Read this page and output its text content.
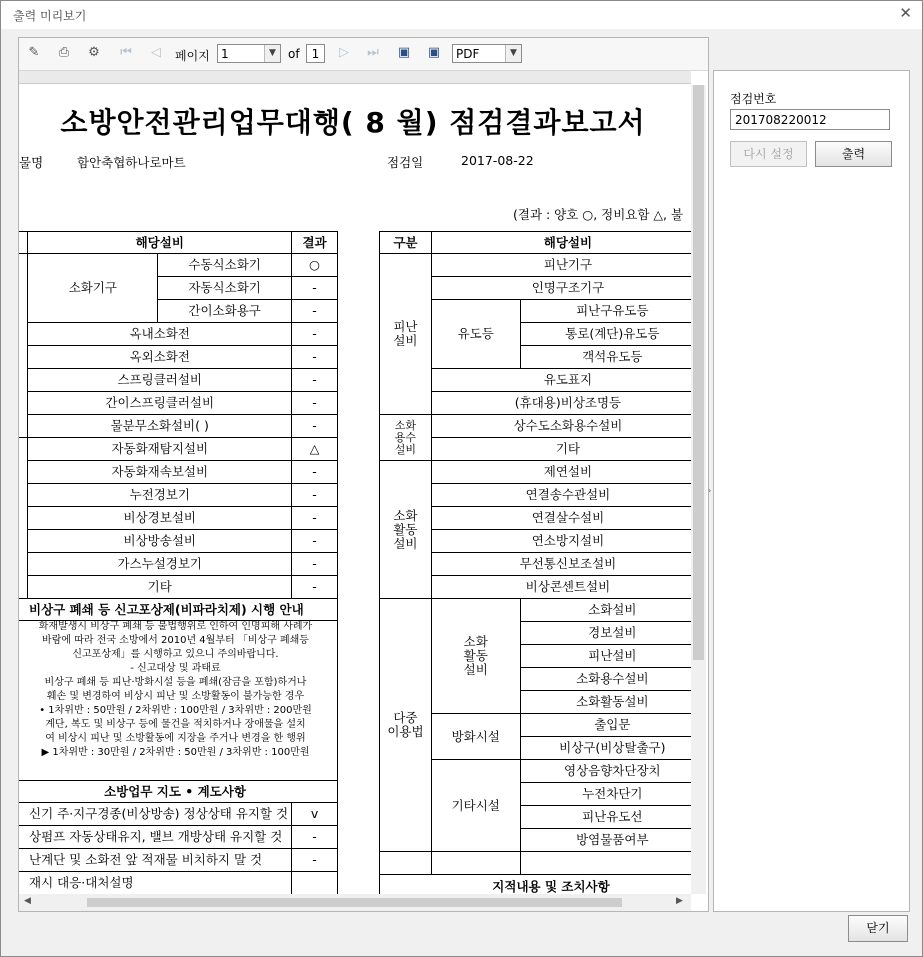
출력 미리보기	✕
✎ ⎙ ⚙ ⏮	◁	페이지 1	▼	of	1	▷	⏭ ▣ ▣	PDF	▼
소방안전관리업무대행( 8 월) 점검결과보고서
물명	함안축협하나로마트	점검일	2017-08-22
(결과 : 양호 ○, 정비요함 △, 불
	해당설비		결과
	소화기구	수동식소화기	○
		자동식소화기	-
		간이소화용구	-
	옥내소화전		-
	옥외소화전		-
	스프링클러설비		-
	간이스프링클러설비		-
	물분무소화설비( )		-
	자동화재탐지설비		△
	자동화재속보설비		-
	누전경보기		-
	비상경보설비		-
	비상방송설비		-
	가스누설경보기		-
	기타		-
비상구 폐쇄 등 신고포상제(비파라치제) 시행 안내			

소방업무 지도 • 계도사항			
신기 주·지구경종(비상방송) 정상상태 유지할 것			v
상펌프 자동상태유지, 밸브 개방상태 유지할 것			-
난계단 및 소화전 앞 적재물 비치하지 말 것			-
재시 대응·대처설명			
화재발생시 비상구 폐쇄 등 불법행위로 인하여 인명피해 사례가
바람에 따라 전국 소방에서 2010년 4월부터 「비상구 폐쇄등
신고포상제」를 시행하고 있으니 주의바랍니다.
- 신고대상 및 과태료
비상구 폐쇄 등 피난·방화시설 등을 폐쇄(잠금을 포함)하거나
훼손 및 변경하여 비상시 피난 및 소방활동이 불가능한 경우
• 1차위반 : 50만원 / 2차위반 : 100만원 / 3차위반 : 200만원
계단, 복도 및 비상구 등에 물건을 적치하거나 장애물을 설치
여 비상시 피난 및 소방활동에 지장을 주거나 변경을 한 행위
▶ 1차위반 : 30만원 / 2차위반 : 50만원 / 3차위반 : 100만원
구분	해당설비		
피난
설비	피난기구		
	인명구조기구		
	유도등	피난구유도등	
		통로(계단)유도등	
		객석유도등	
	유도표지		
	(휴대용)비상조명등		
소화
용수
설비	상수도소화용수설비		
	기타		
소화
활동
설비	제연설비		
	연결송수관설비		
	연결살수설비		
	연소방지설비		
	무선통신보조설비		
	비상콘센트설비		
다중
이용법	소화
활동
설비	소화설비	
		경보설비	
		피난설비	
		소화용수설비	
		소화활동설비	
	방화시설	출입문	
		비상구(비상탈출구)	
	기타시설	영상음향차단장치	
		누전차단기	
		피난유도선	
		방염물품여부	

지적내용 및 조치사항			
◀	▶
›
점검번호
201708220012
다시 설정	출력
닫기
